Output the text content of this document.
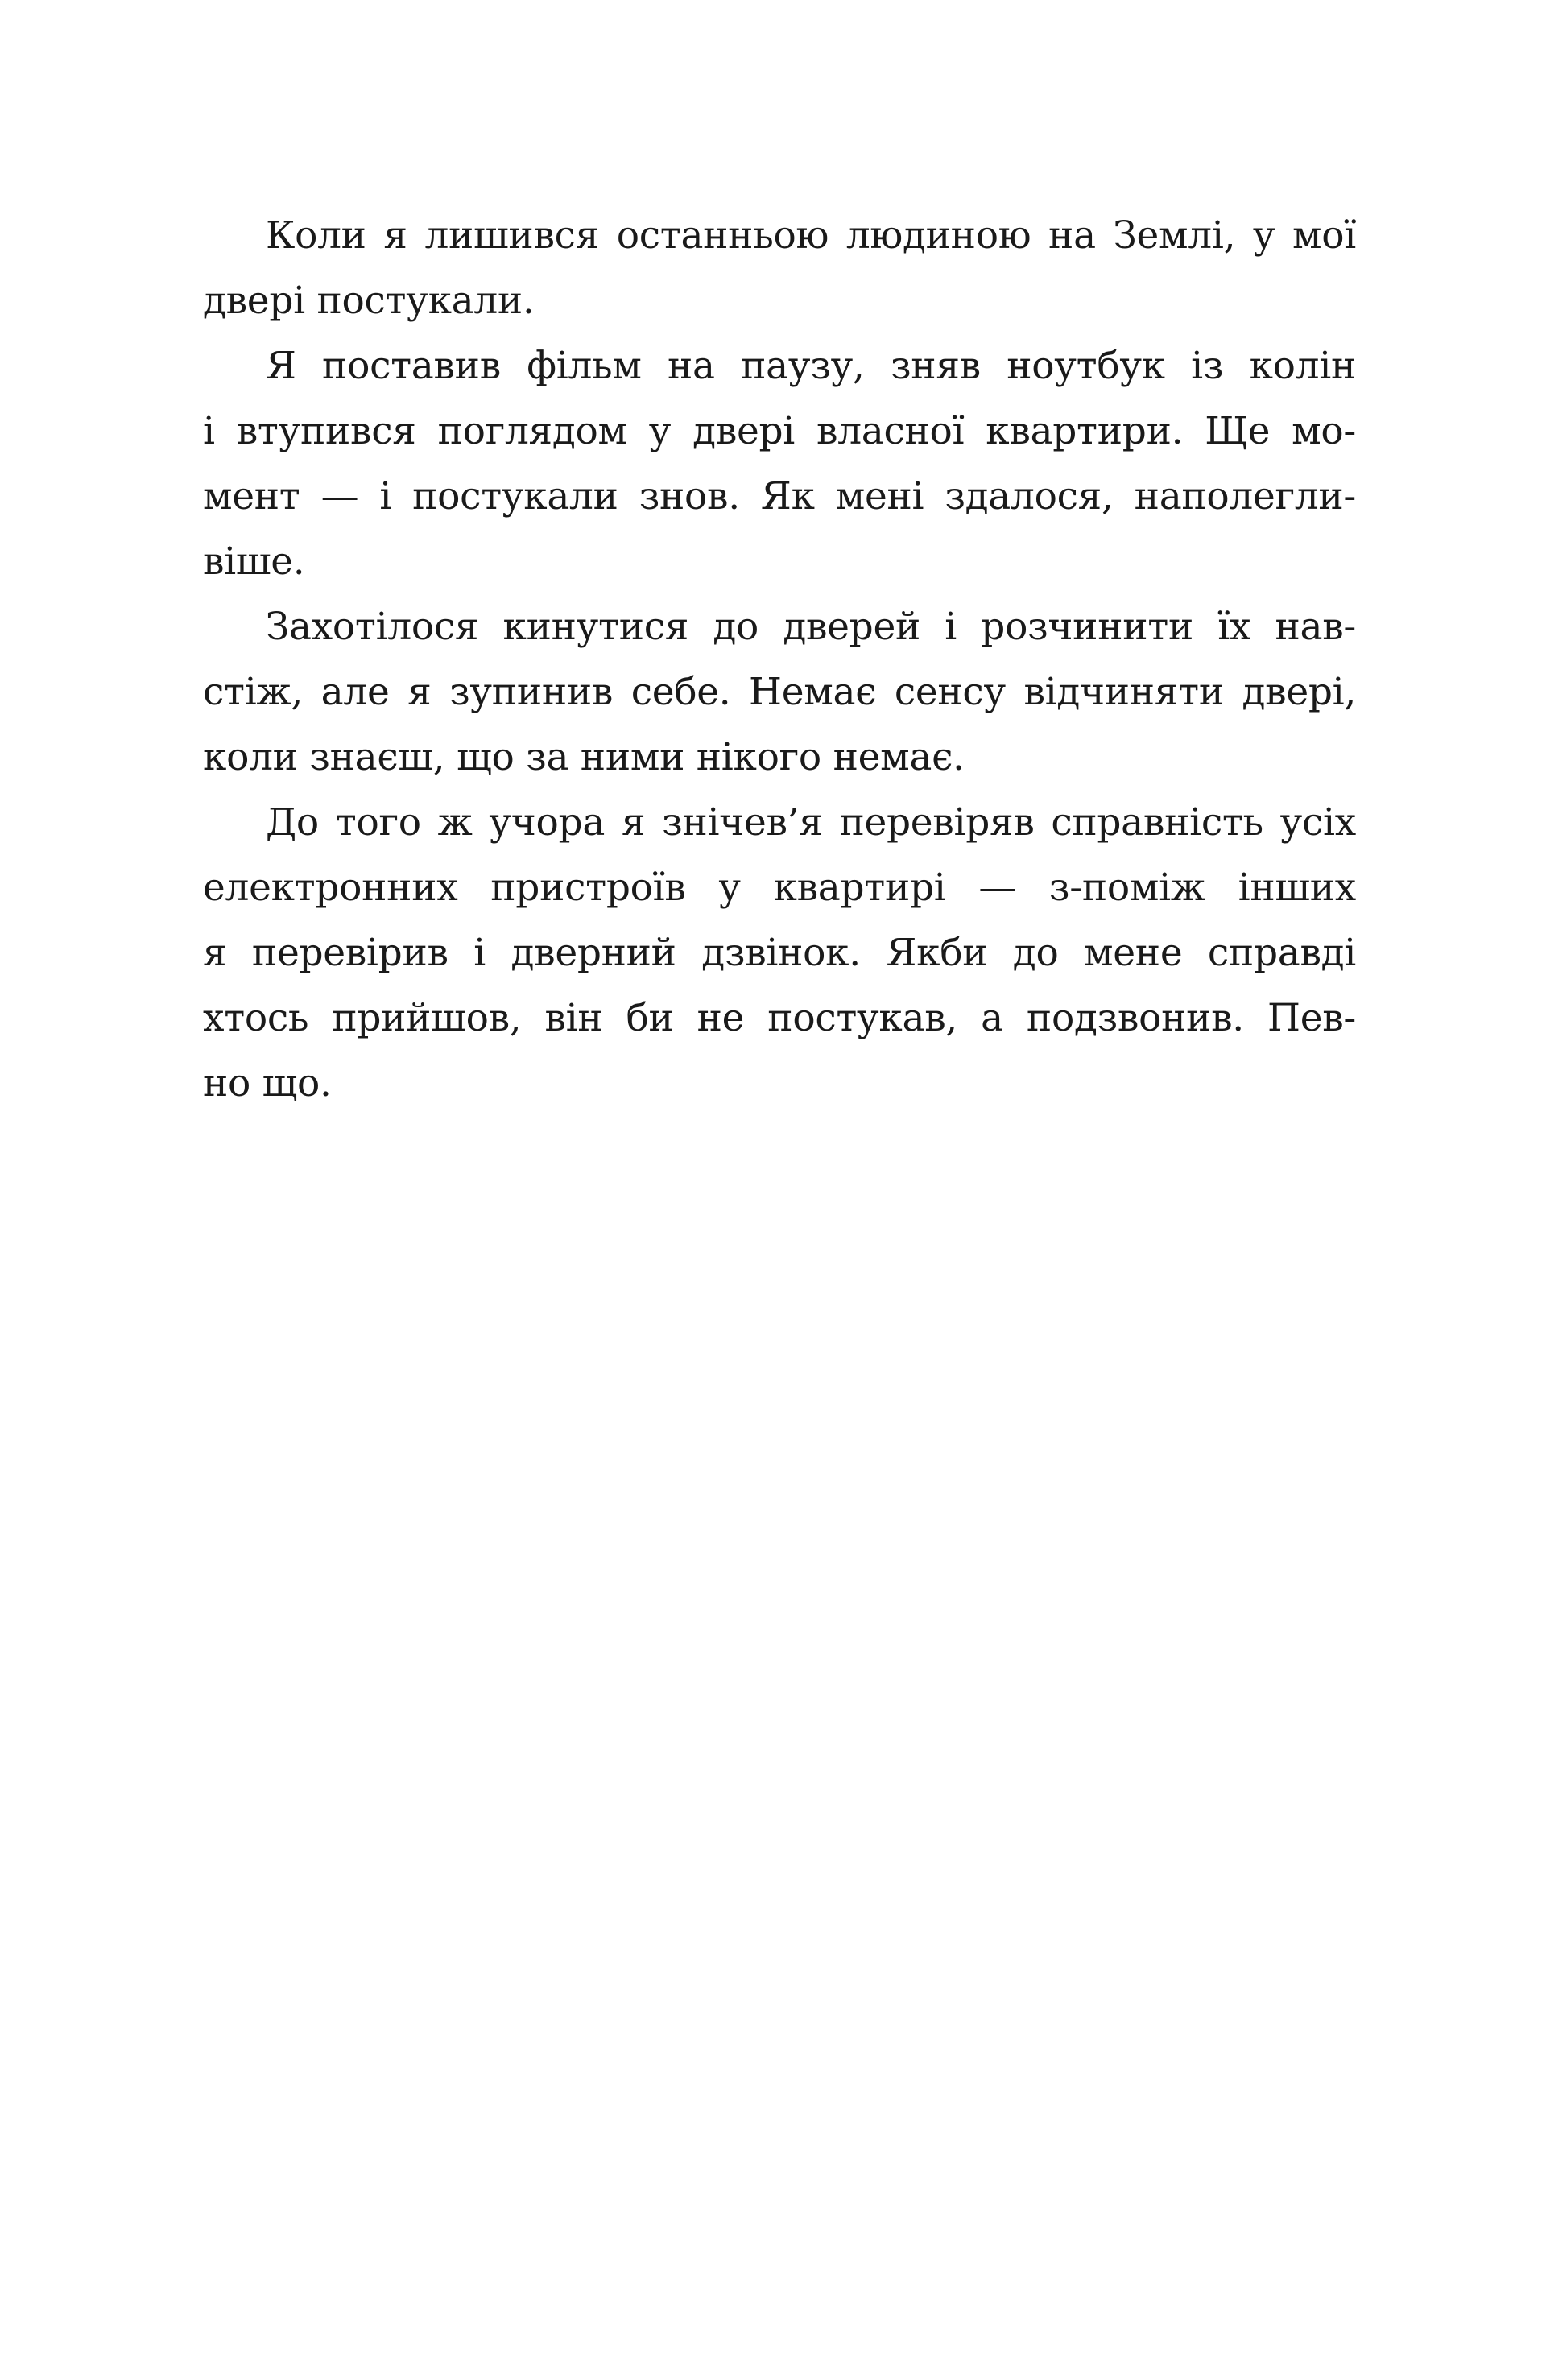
Коли я лишився останньою людиною на Землі, у мої
двері постукали.
Я поставив фільм на паузу, зняв ноутбук із колін
і втупився поглядом у двері власної квартири. Ще мо-
мент — і постукали знов. Як мені здалося, наполегли-
віше.
Захотілося кинутися до дверей і розчинити їх нав-
стіж, але я зупинив себе. Немає сенсу відчиняти двері,
коли знаєш, що за ними нікого немає.
До того ж учора я знічев’я перевіряв справність усіх
електронних пристроїв у квартирі — з-поміж інших
я перевірив і дверний дзвінок. Якби до мене справді
хтось прийшов, він би не постукав, а подзвонив. Пев-
но що.
